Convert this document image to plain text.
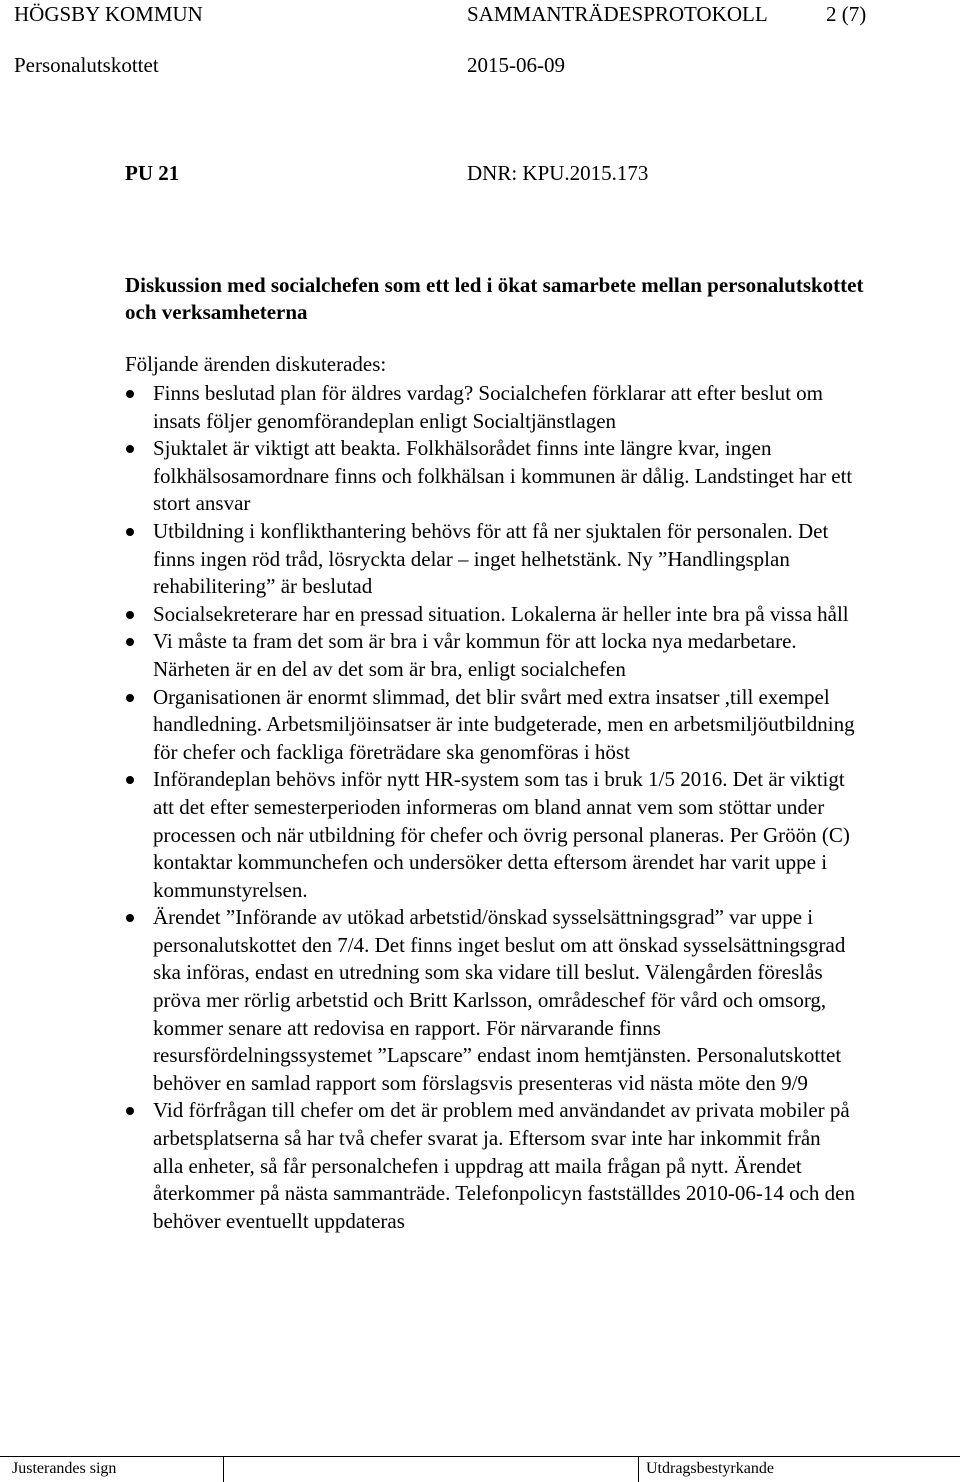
HÖGSBY KOMMUN	SAMMANTRÄDESPROTOKOLL	2 (7)
Personalutskottet	2015-06-09
PU 21	DNR: KPU.2015.173
Diskussion med socialchefen som ett led i ökat samarbete mellan personalutskottet och verksamheterna
Följande ärenden diskuterades:
Finns beslutad plan för äldres vardag? Socialchefen förklarar att efter beslut om insats följer genomförandeplan enligt Socialtjänstlagen
Sjuktalet är viktigt att beakta. Folkhälsorådet finns inte längre kvar, ingen folkhälsosamordnare finns och folkhälsan i kommunen är dålig. Landstinget har ett stort ansvar
Utbildning i konflikthantering behövs för att få ner sjuktalen för personalen. Det finns ingen röd tråd, lösryckta delar – inget helhetstänk. Ny ”Handlingsplan rehabilitering” är beslutad
Socialsekreterare har en pressad situation. Lokalerna är heller inte bra på vissa håll
Vi måste ta fram det som är bra i vår kommun för att locka nya medarbetare. Närheten är en del av det som är bra, enligt socialchefen
Organisationen är enormt slimmad, det blir svårt med extra insatser ,till exempel handledning. Arbetsmiljöinsatser är inte budgeterade, men en arbetsmiljöutbildning för chefer och fackliga företrädare ska genomföras i höst
Införandeplan behövs inför nytt HR-system som tas i bruk 1/5 2016. Det är viktigt att det efter semesterperioden informeras om bland annat vem som stöttar under processen och när utbildning för chefer och övrig personal planeras. Per Gröön (C) kontaktar kommunchefen och undersöker detta eftersom ärendet har varit uppe i kommunstyrelsen.
Ärendet ”Införande av utökad arbetstid/önskad sysselsättningsgrad” var uppe i personalutskottet den 7/4. Det finns inget beslut om att önskad sysselsättningsgrad ska införas, endast en utredning som ska vidare till beslut. Välengården föreslås pröva mer rörlig arbetstid och Britt Karlsson, områdeschef för vård och omsorg, kommer senare att redovisa en rapport. För närvarande finns resursfördelningssystemet ”Lapscare” endast inom hemtjänsten. Personalutskottet behöver en samlad rapport som förslagsvis presenteras vid nästa möte den 9/9
Vid förfrågan till chefer om det är problem med användandet av privata mobiler på arbetsplatserna så har två chefer svarat ja. Eftersom svar inte har inkommit från alla enheter, så får personalchefen i uppdrag att maila frågan på nytt. Ärendet återkommer på nästa sammanträde. Telefonpolicyn fastställdes 2010-06-14 och den behöver eventuellt uppdateras
Justerandes sign	Utdragsbestyrkande
